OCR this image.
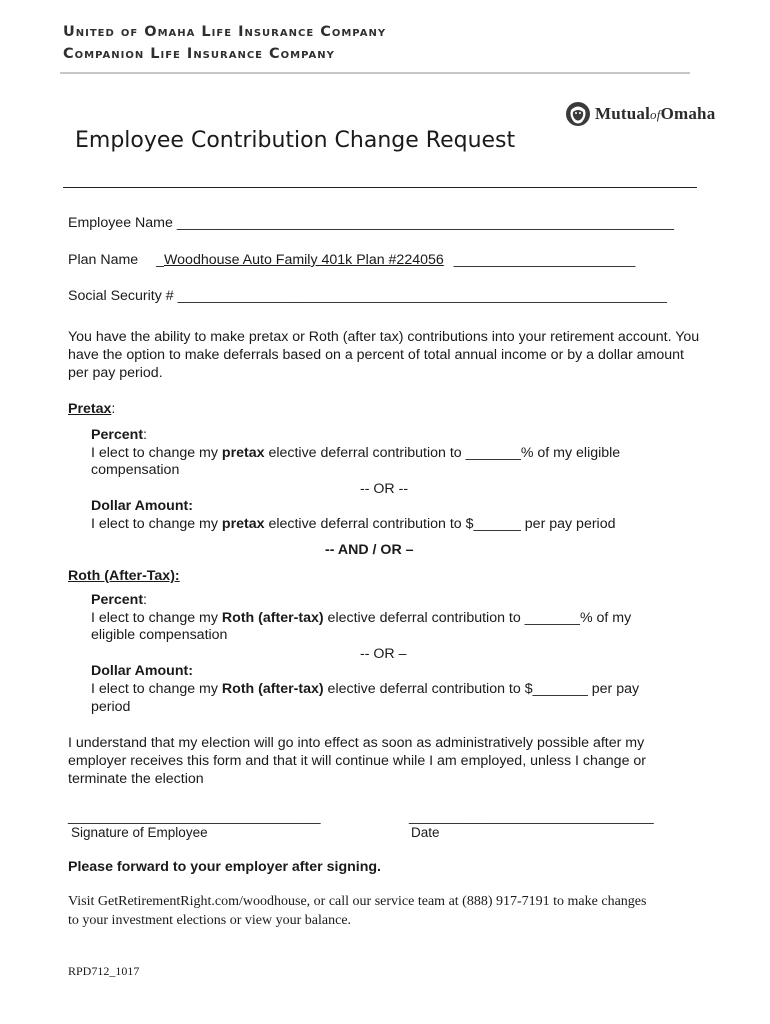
United of Omaha Life Insurance Company
Companion Life Insurance Company
MutualofOmaha
Employee Contribution Change Request
Employee Name _______________________________________________________________
Plan Name _Woodhouse Auto Family 401k Plan #224056 _______________________
Social Security # ______________________________________________________________
You have the ability to make pretax or Roth (after tax) contributions into your retirement account. You have the option to make deferrals based on a percent of total annual income or by a dollar amount per pay period.
Pretax:
Percent:
I elect to change my pretax elective deferral contribution to _______% of my eligible
compensation
-- OR --
Dollar Amount:
I elect to change my pretax elective deferral contribution to $______ per pay period
-- AND / OR –
Roth (After-Tax):
Percent:
I elect to change my Roth (after-tax) elective deferral contribution to _______% of my
eligible compensation
-- OR –
Dollar Amount:
I elect to change my Roth (after-tax) elective deferral contribution to $_______ per pay
period
I understand that my election will go into effect as soon as administratively possible after my employer receives this form and that it will continue while I am employed, unless I change or terminate the election
________________________________	_______________________________
Signature of Employee	Date
Please forward to your employer after signing.
Visit GetRetirementRight.com/woodhouse, or call our service team at (888) 917-7191 to make changes
to your investment elections or view your balance.
RPD712_1017
